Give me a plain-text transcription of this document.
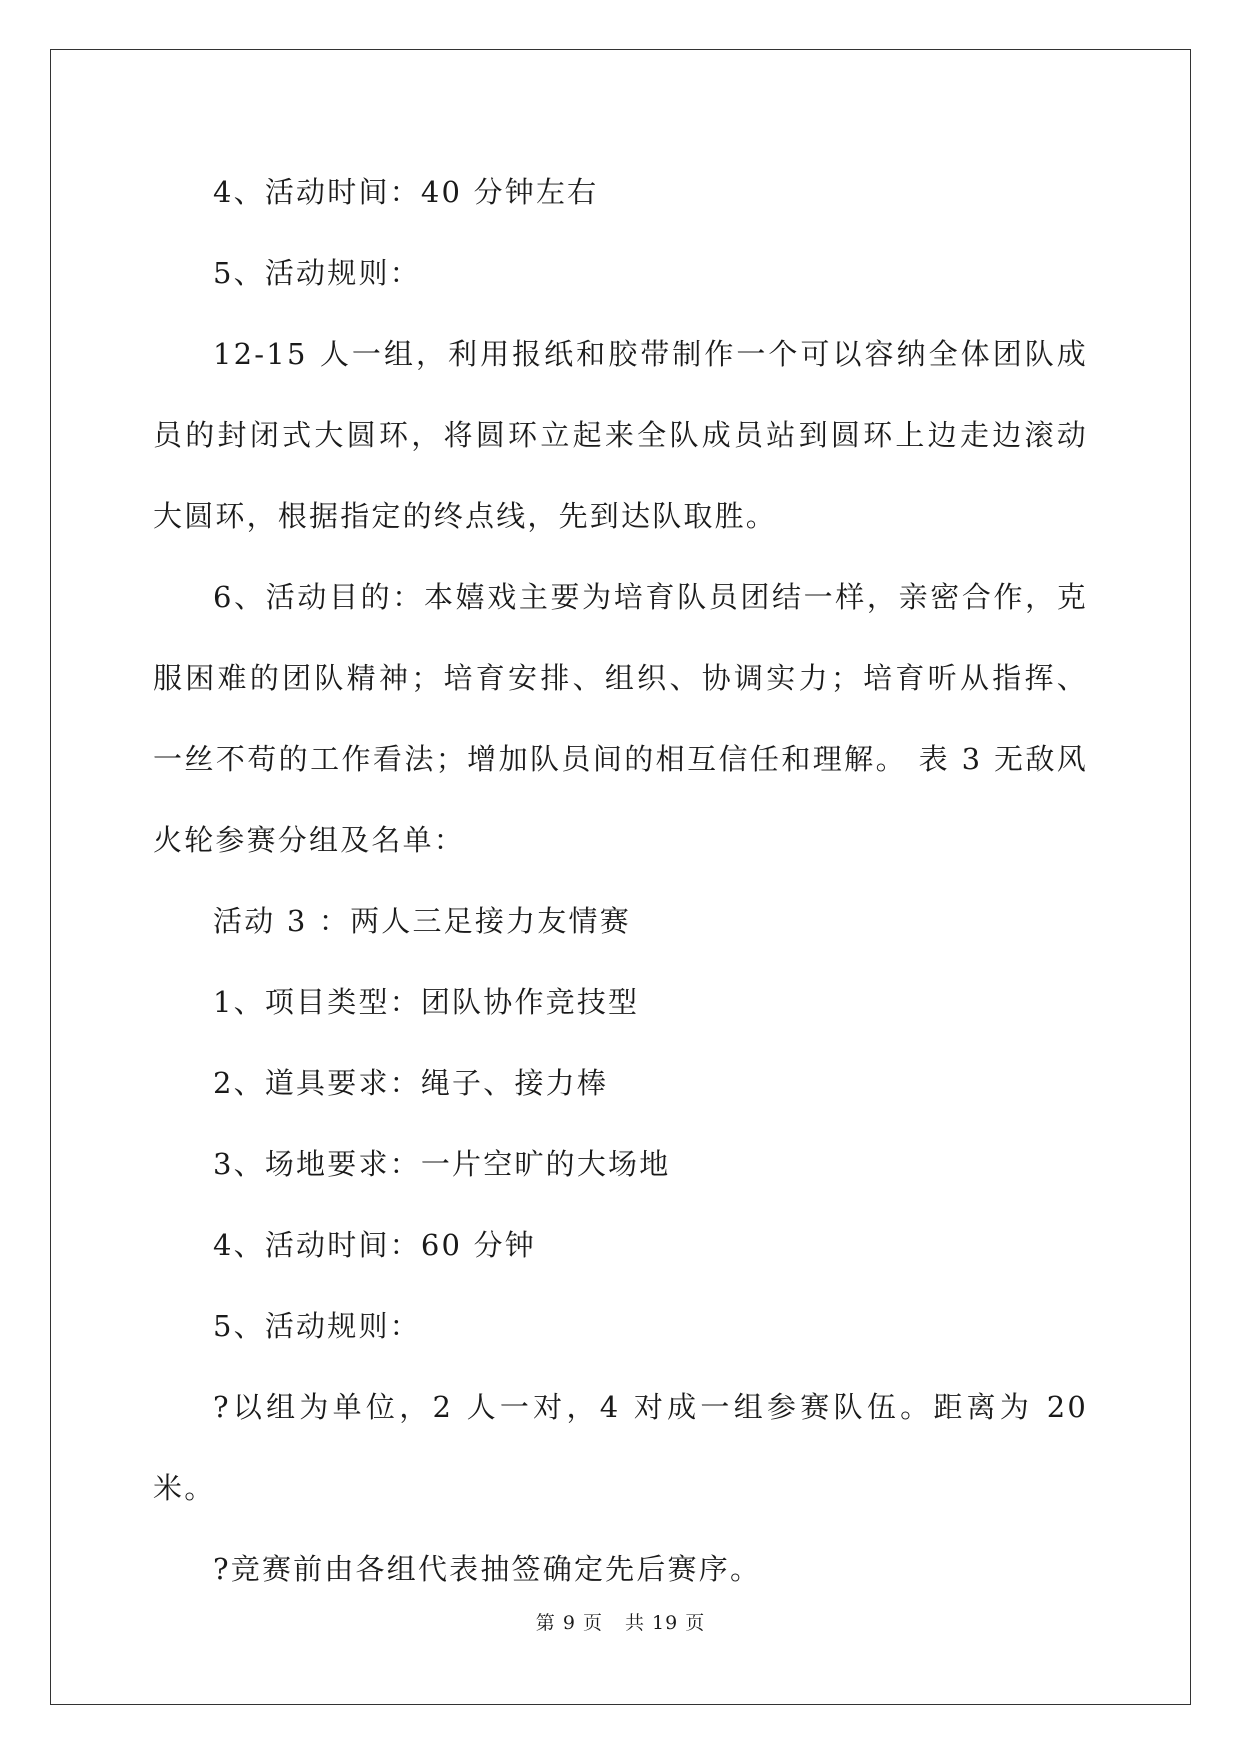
4、活动时间：40 分钟左右

5、活动规则：

12-15 人一组，利用报纸和胶带制作一个可以容纳全体团队成员的封闭式大圆环，将圆环立起来全队成员站到圆环上边走边滚动大圆环，根据指定的终点线，先到达队取胜。

6、活动目的：本嬉戏主要为培育队员团结一样，亲密合作，克服困难的团队精神；培育安排、组织、协调实力；培育听从指挥、一丝不苟的工作看法；增加队员间的相互信任和理解。 表 3 无敌风火轮参赛分组及名单：

活动 3 ：两人三足接力友情赛

1、项目类型：团队协作竞技型

2、道具要求：绳子、接力棒

3、场地要求：一片空旷的大场地

4、活动时间：60 分钟

5、活动规则：

?以组为单位，2 人一对，4 对成一组参赛队伍。距离为 20 米。

?竞赛前由各组代表抽签确定先后赛序。

第 9 页 共 19 页
